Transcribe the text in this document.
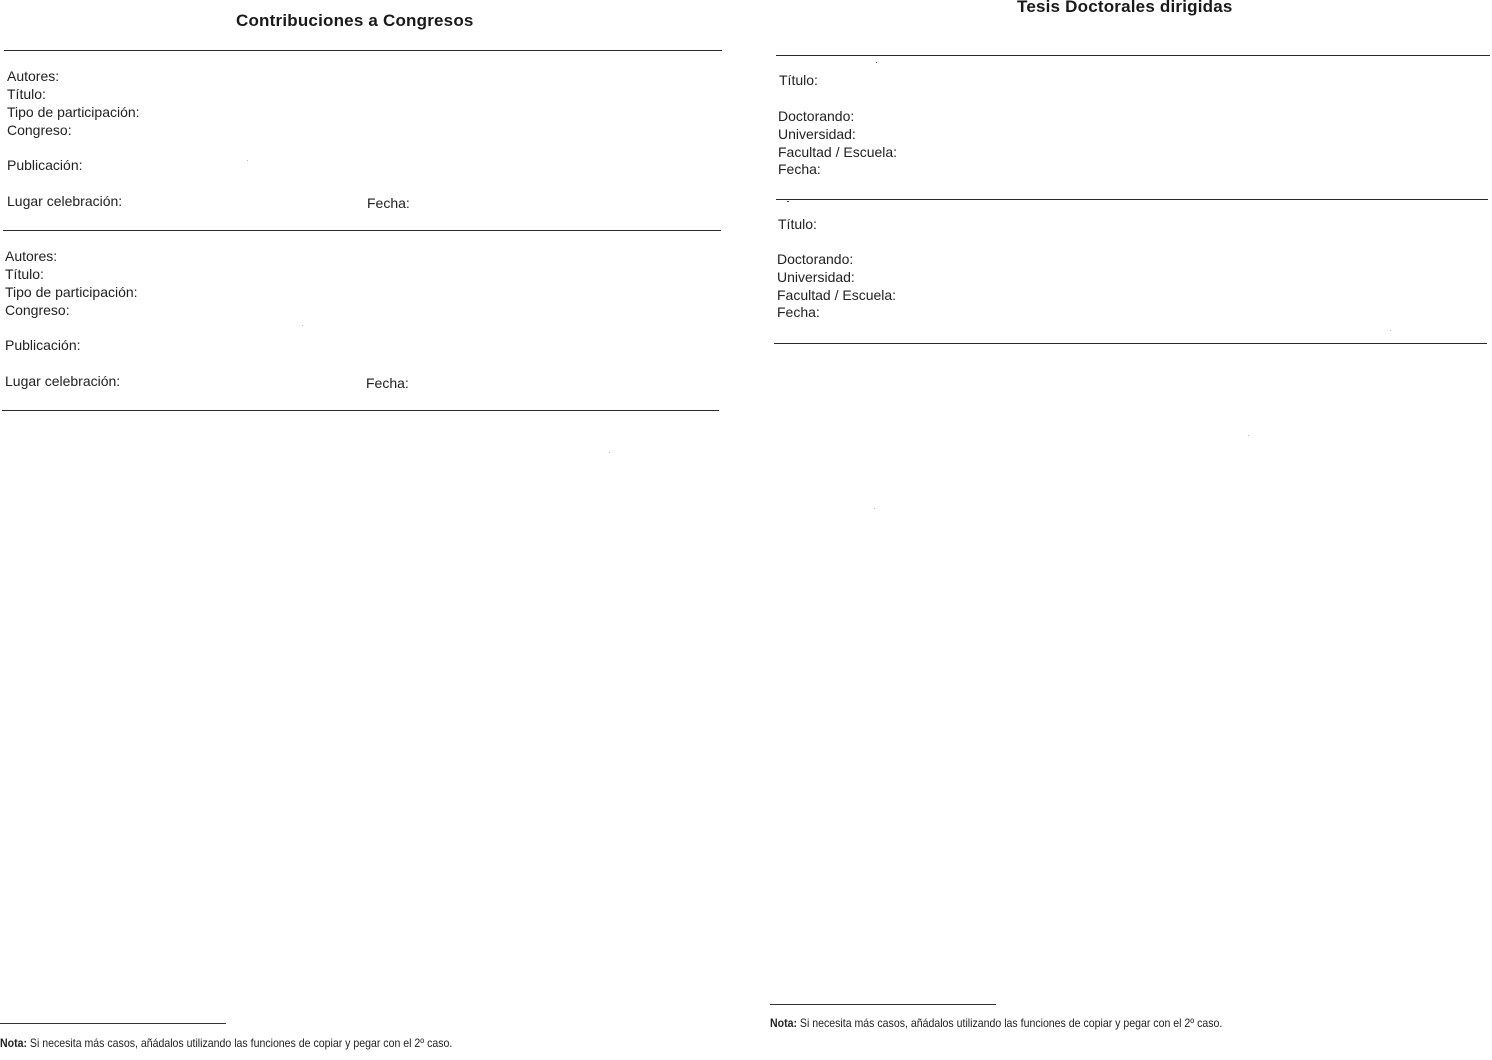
Contribuciones a Congresos
Autores:
Título:
Tipo de participación:
Congreso:
Publicación:
Lugar celebración:	Fecha:
Autores:
Título:
Tipo de participación:
Congreso:
Publicación:
Lugar celebración:	Fecha:
Nota: Si necesita más casos, añádalos utilizando las funciones de copiar y pegar con el 2º caso.
Tesis Doctorales dirigidas
Título:
Doctorando:
Universidad:
Facultad / Escuela:
Fecha:
Título:
Doctorando:
Universidad:
Facultad / Escuela:
Fecha:
Nota: Si necesita más casos, añádalos utilizando las funciones de copiar y pegar con el 2º caso.
